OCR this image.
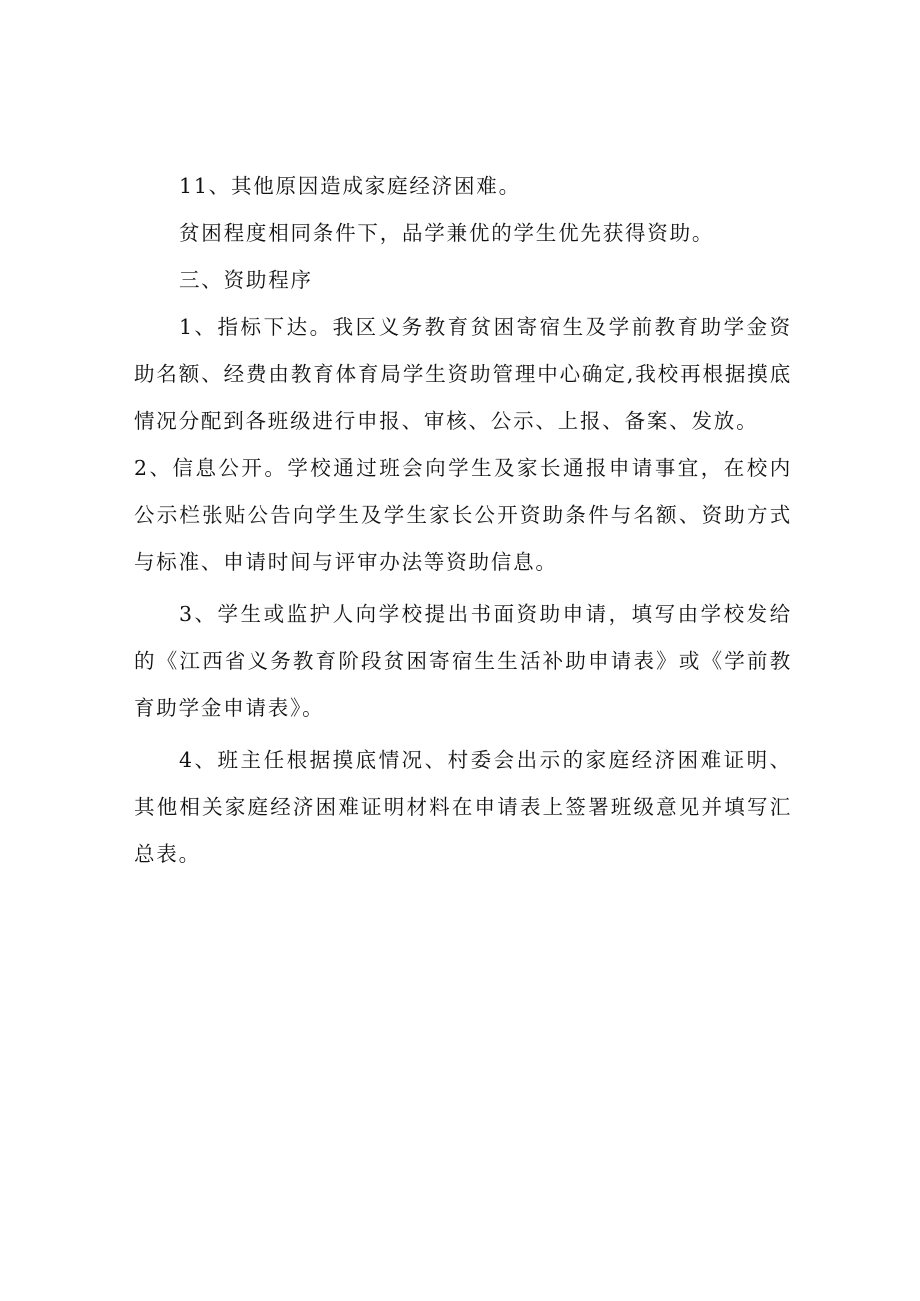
11、其他原因造成家庭经济困难。

贫困程度相同条件下，品学兼优的学生优先获得资助。

三、资助程序

1、指标下达。我区义务教育贫困寄宿生及学前教育助学金资助名额、经费由教育体育局学生资助管理中心确定,我校再根据摸底情况分配到各班级进行申报、审核、公示、上报、备案、发放。

2、信息公开。学校通过班会向学生及家长通报申请事宜，在校内公示栏张贴公告向学生及学生家长公开资助条件与名额、资助方式与标准、申请时间与评审办法等资助信息。

3、学生或监护人向学校提出书面资助申请，填写由学校发给的《江西省义务教育阶段贫困寄宿生生活补助申请表》或《学前教育助学金申请表》。

4、班主任根据摸底情况、村委会出示的家庭经济困难证明、其他相关家庭经济困难证明材料在申请表上签署班级意见并填写汇总表。
